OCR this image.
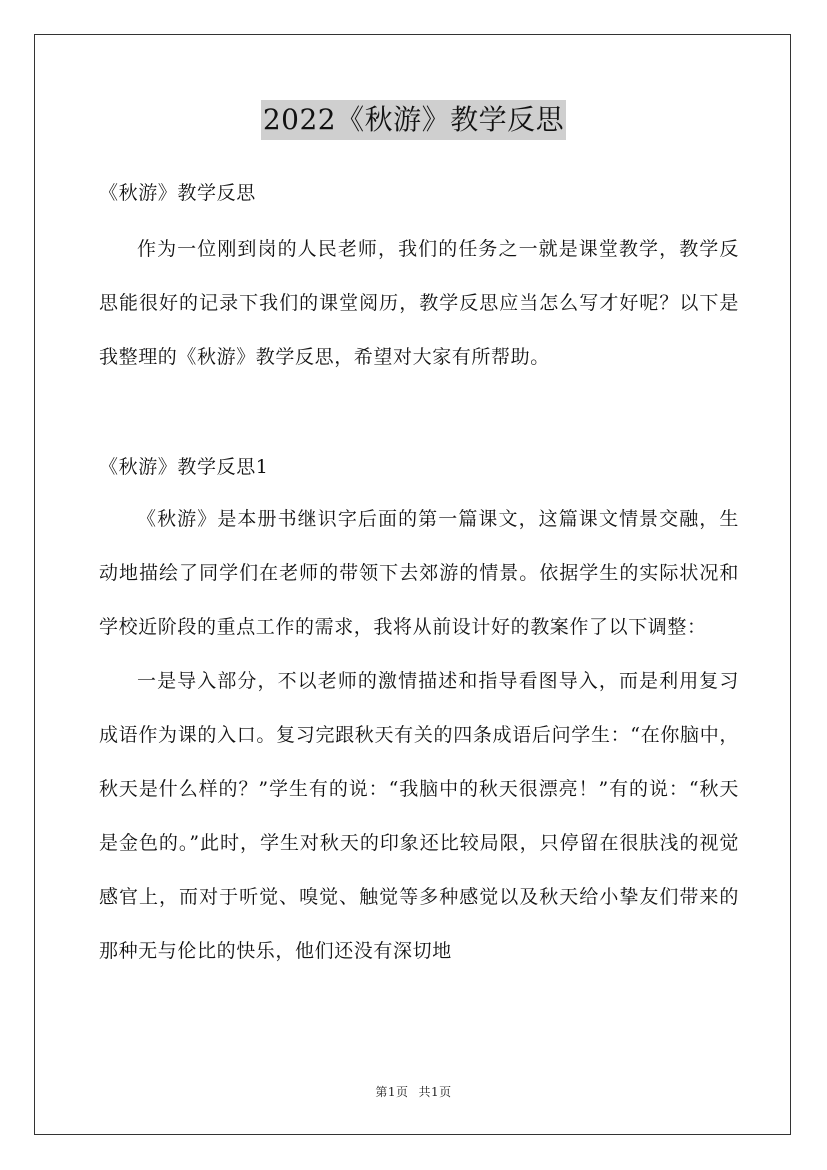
2022《秋游》教学反思

《秋游》教学反思

作为一位刚到岗的人民老师，我们的任务之一就是课堂教学，教学反思能很好的记录下我们的课堂阅历，教学反思应当怎么写才好呢？以下是我整理的《秋游》教学反思，希望对大家有所帮助。

《秋游》教学反思1

《秋游》是本册书继识字后面的第一篇课文，这篇课文情景交融，生动地描绘了同学们在老师的带领下去郊游的情景。依据学生的实际状况和学校近阶段的重点工作的需求，我将从前设计好的教案作了以下调整：

一是导入部分，不以老师的激情描述和指导看图导入，而是利用复习成语作为课的入口。复习完跟秋天有关的四条成语后问学生：“在你脑中，秋天是什么样的？”学生有的说：“我脑中的秋天很漂亮！”有的说：“秋天是金色的。”此时，学生对秋天的印象还比较局限，只停留在很肤浅的视觉感官上，而对于听觉、嗅觉、触觉等多种感觉以及秋天给小挚友们带来的那种无与伦比的快乐，他们还没有深切地

第1页 共1页
